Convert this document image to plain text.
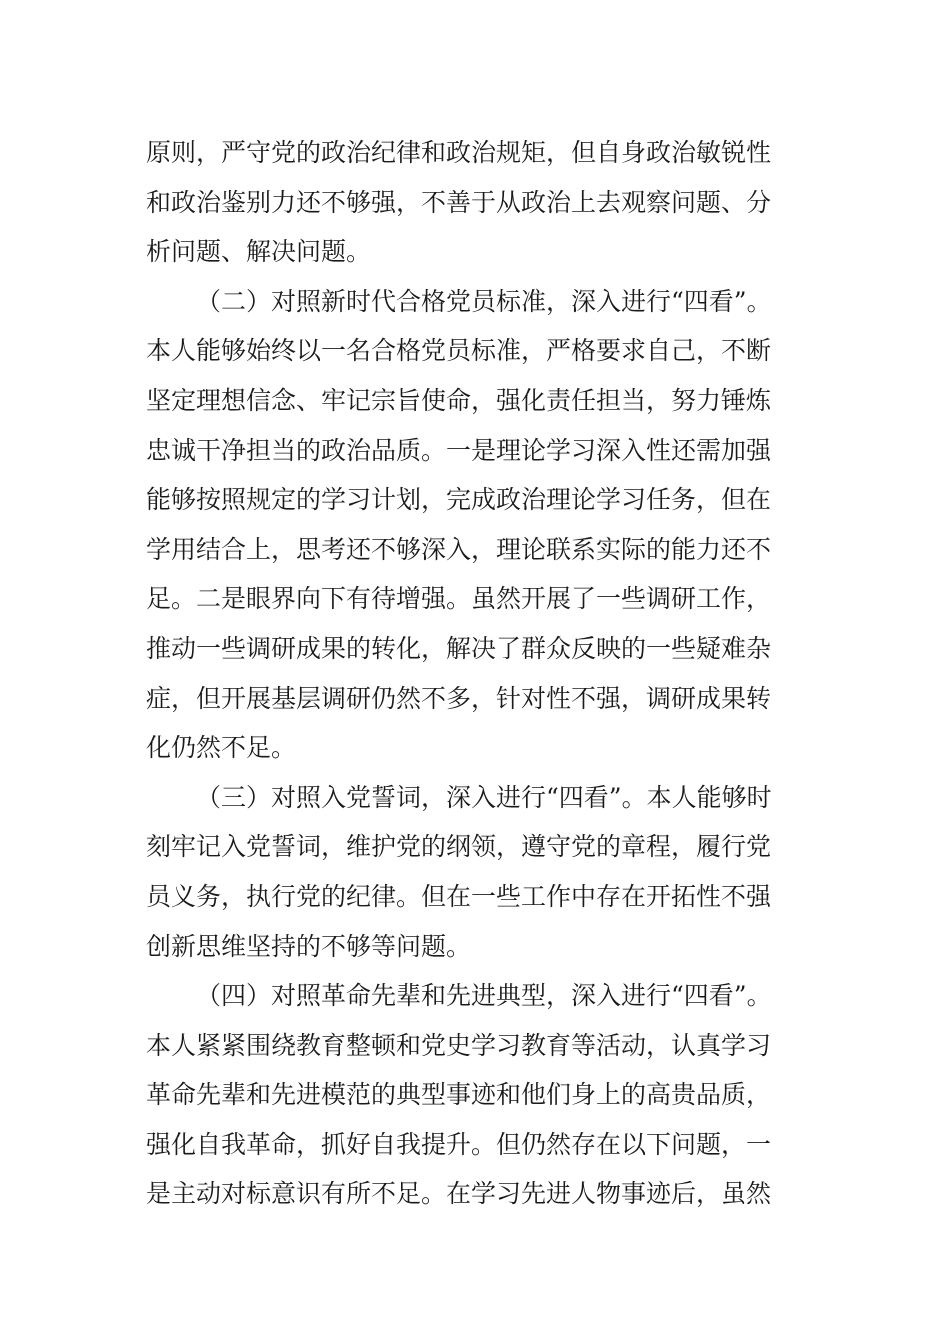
原则，严守党的政治纪律和政治规矩，但自身政治敏锐性
和政治鉴别力还不够强，不善于从政治上去观察问题、分
析问题、解决问题。
（二）对照新时代合格党员标准，深入进行“四看”。
本人能够始终以一名合格党员标准，严格要求自己，不断
坚定理想信念、牢记宗旨使命，强化责任担当，努力锤炼
忠诚干净担当的政治品质。一是理论学习深入性还需加强
能够按照规定的学习计划，完成政治理论学习任务，但在
学用结合上，思考还不够深入，理论联系实际的能力还不
足。二是眼界向下有待增强。虽然开展了一些调研工作，
推动一些调研成果的转化，解决了群众反映的一些疑难杂
症，但开展基层调研仍然不多，针对性不强，调研成果转
化仍然不足。
（三）对照入党誓词，深入进行“四看”。本人能够时
刻牢记入党誓词，维护党的纲领，遵守党的章程，履行党
员义务，执行党的纪律。但在一些工作中存在开拓性不强
创新思维坚持的不够等问题。
（四）对照革命先辈和先进典型，深入进行“四看”。
本人紧紧围绕教育整顿和党史学习教育等活动，认真学习
革命先辈和先进模范的典型事迹和他们身上的高贵品质，
强化自我革命，抓好自我提升。但仍然存在以下问题，一
是主动对标意识有所不足。在学习先进人物事迹后，虽然
